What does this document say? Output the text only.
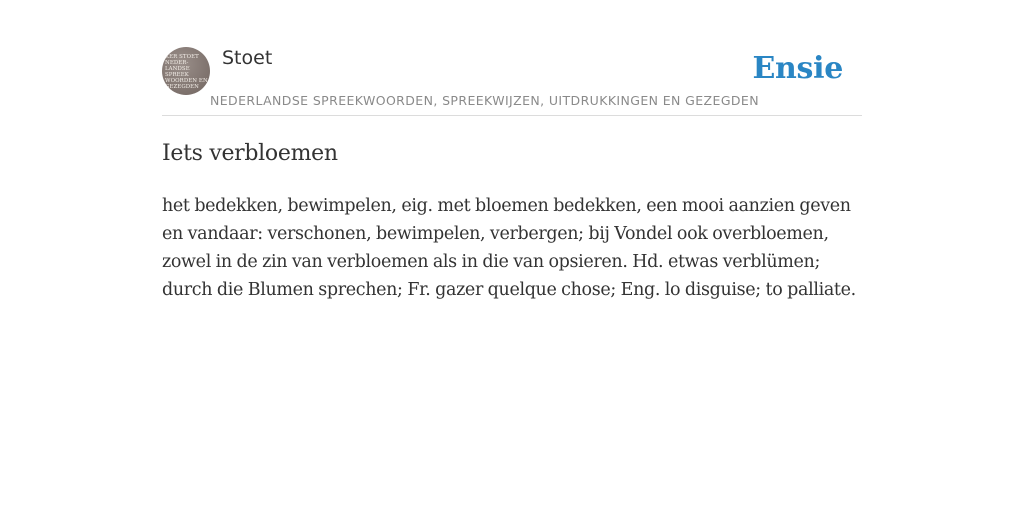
KER STOET
NEDER-
LANDSE
SPREEK
WOORDEN EN
GEZEGDEN
Stoet
NEDERLANDSE SPREEKWOORDEN, SPREEKWIJZEN, UITDRUKKINGEN EN GEZEGDEN
Ensie
Iets verbloemen

het bedekken, bewimpelen, eig. met bloemen bedekken, een mooi aanzien geven en vandaar: verschonen, bewimpelen, verbergen; bij Vondel ook overbloemen, zowel in de zin van verbloemen als in die van opsieren. Hd. etwas verblümen; durch die Blumen sprechen; Fr. gazer quelque chose; Eng. lo disguise; to palliate.
